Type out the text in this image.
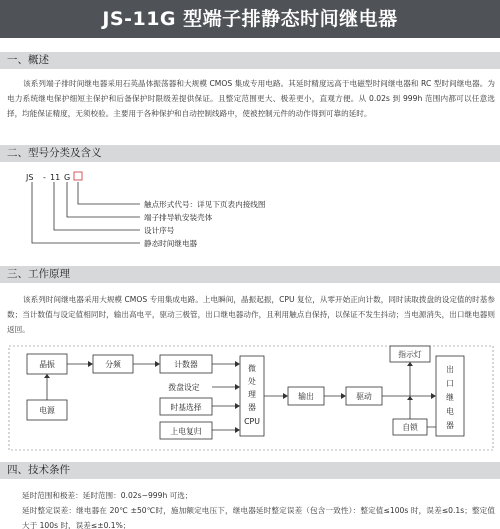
JS-11G 型端子排静态时间继电器
一、概述
该系列端子排时间继电器采用石英晶体振荡器和大规模 CMOS 集成专用电路。其延时精度远高于电磁型时间继电器和 RC 型时间继电器。为电力系统继电保护细短主保护和后备保护时限级差提供保证。且整定范围更大、极差更小，直观方便。从 0.02s 到 999h 范围内都可以任意选择，均能保证精度，无须校验。主要用于各种保护和自动控制线路中，使被控制元件的动作得到可靠的延时。
二、型号分类及含义
JS - 11 G
触点形式代号：详见下页表内接线图
端子排导轨安装壳体
设计序号
静态时间继电器
晶振
电源
分频	计数器
拨盘设定
时基选择
上电复归
微
处
理
器
CPU
输出	驱动
指示灯
自锁
出
口
继
电
器
三、工作原理
该系列时间继电器采用大规模 CMOS 专用集成电路。上电瞬间，晶振起振，CPU 复位，从零开始正向计数，同时读取拨盘的设定值的时基参数；当计数值与设定值相同时，输出高电平，驱动三极管，出口继电器动作，且利用触点自保持，以保证不发生抖动；当电源消失，出口继电器则返回。
四、技术条件
延时范围和极差：延时范围：0.02s~999h 可选；
延时整定误差：继电器在 20℃ ±50℃时，施加额定电压下，继电器延时整定误差（包含一致性）：整定值≤100s 时，误差≤0.1s；整定值大于 100s 时，误差≤±0.1%；
